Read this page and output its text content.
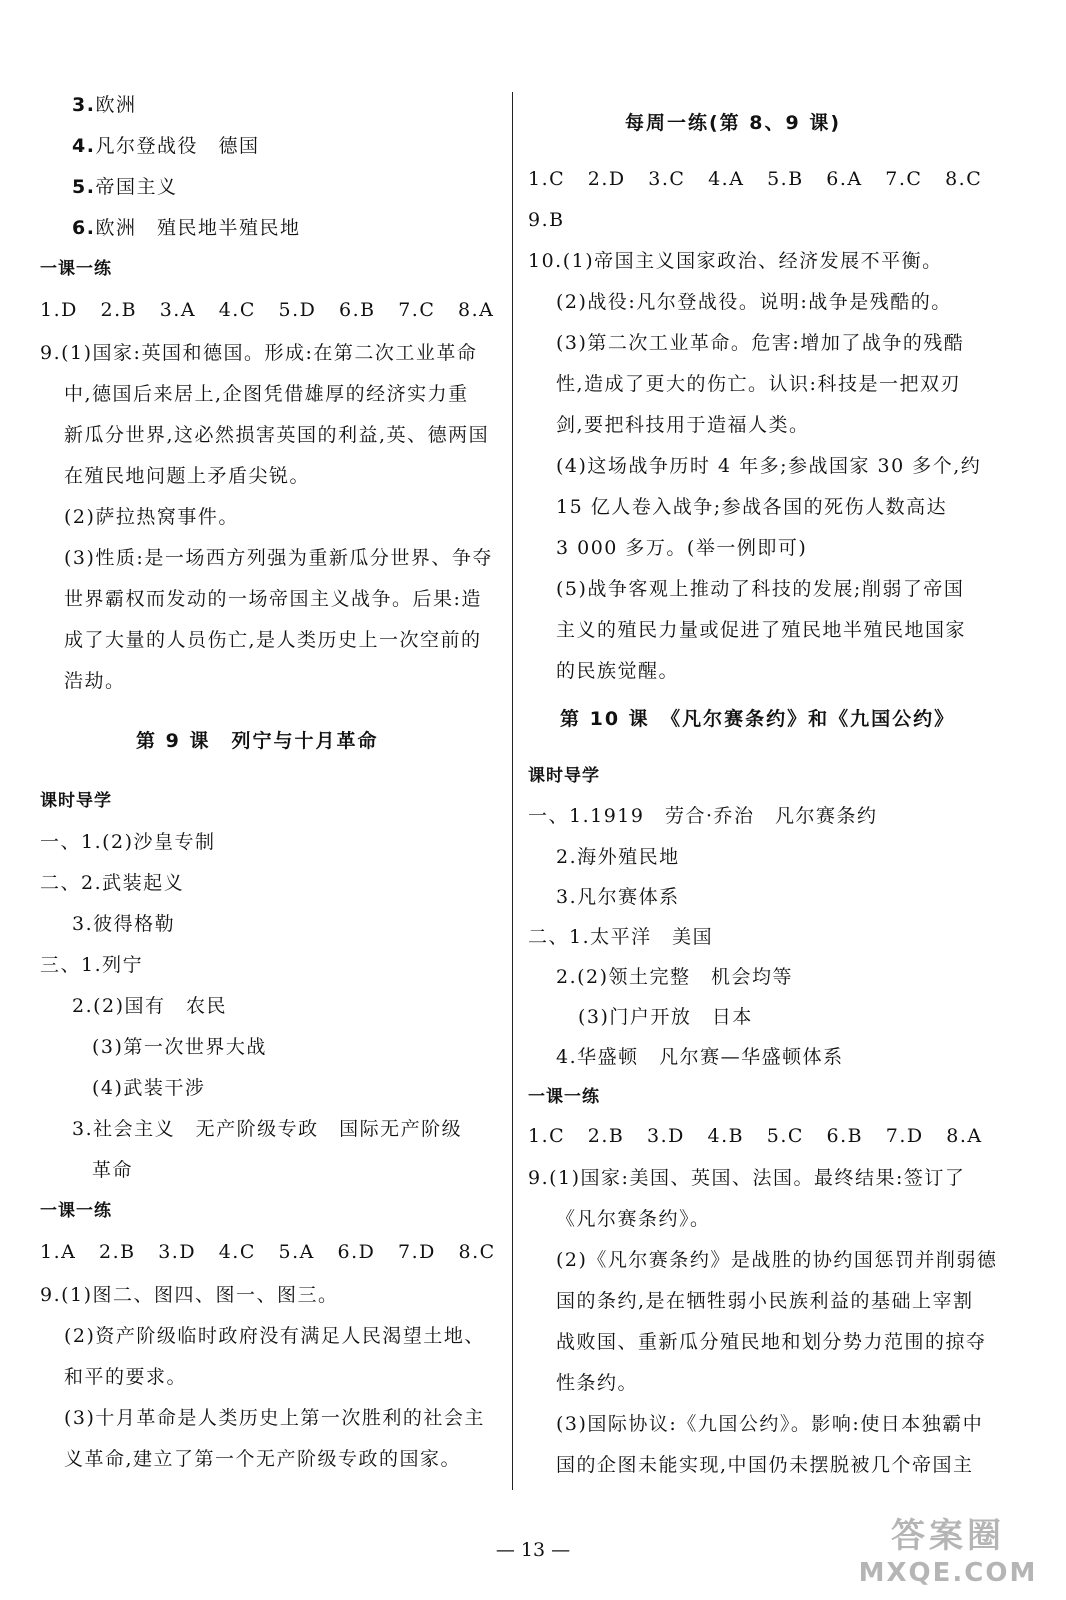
3.欧洲
4.凡尔登战役　德国
5.帝国主义
6.欧洲　殖民地半殖民地
一课一练
1.D 2.B 3.A 4.C 5.D 6.B 7.C 8.A
9.(1)国家:英国和德国。形成:在第二次工业革命
中,德国后来居上,企图凭借雄厚的经济实力重
新瓜分世界,这必然损害英国的利益,英、德两国
在殖民地问题上矛盾尖锐。
(2)萨拉热窝事件。
(3)性质:是一场西方列强为重新瓜分世界、争夺
世界霸权而发动的一场帝国主义战争。后果:造
成了大量的人员伤亡,是人类历史上一次空前的
浩劫。
第 9 课　列宁与十月革命
课时导学
一、1.(2)沙皇专制
二、2.武装起义
3.彼得格勒
三、1.列宁
2.(2)国有　农民
(3)第一次世界大战
(4)武装干涉
3.社会主义　无产阶级专政　国际无产阶级
革命
一课一练
1.A 2.B 3.D 4.C 5.A 6.D 7.D 8.C
9.(1)图二、图四、图一、图三。
(2)资产阶级临时政府没有满足人民渴望土地、
和平的要求。
(3)十月革命是人类历史上第一次胜利的社会主
义革命,建立了第一个无产阶级专政的国家。
每周一练(第 8、9 课)
1.C 2.D 3.C 4.A 5.B 6.A 7.C 8.C
9.B
10.(1)帝国主义国家政治、经济发展不平衡。
(2)战役:凡尔登战役。说明:战争是残酷的。
(3)第二次工业革命。危害:增加了战争的残酷
性,造成了更大的伤亡。认识:科技是一把双刃
剑,要把科技用于造福人类。
(4)这场战争历时 4 年多;参战国家 30 多个,约
15 亿人卷入战争;参战各国的死伤人数高达
3 000 多万。(举一例即可)
(5)战争客观上推动了科技的发展;削弱了帝国
主义的殖民力量或促进了殖民地半殖民地国家
的民族觉醒。
第 10 课　《凡尔赛条约》和《九国公约》
课时导学
一、1.1919　劳合·乔治　凡尔赛条约
2.海外殖民地
3.凡尔赛体系
二、1.太平洋　美国
2.(2)领土完整　机会均等
(3)门户开放　日本
4.华盛顿　凡尔赛—华盛顿体系
一课一练
1.C 2.B 3.D 4.B 5.C 6.B 7.D 8.A
9.(1)国家:美国、英国、法国。最终结果:签订了
《凡尔赛条约》。
(2)《凡尔赛条约》是战胜的协约国惩罚并削弱德
国的条约,是在牺牲弱小民族利益的基础上宰割
战败国、重新瓜分殖民地和划分势力范围的掠夺
性条约。
(3)国际协议:《九国公约》。影响:使日本独霸中
国的企图未能实现,中国仍未摆脱被几个帝国主
— 13 —	答案圈
MXQE.COM
